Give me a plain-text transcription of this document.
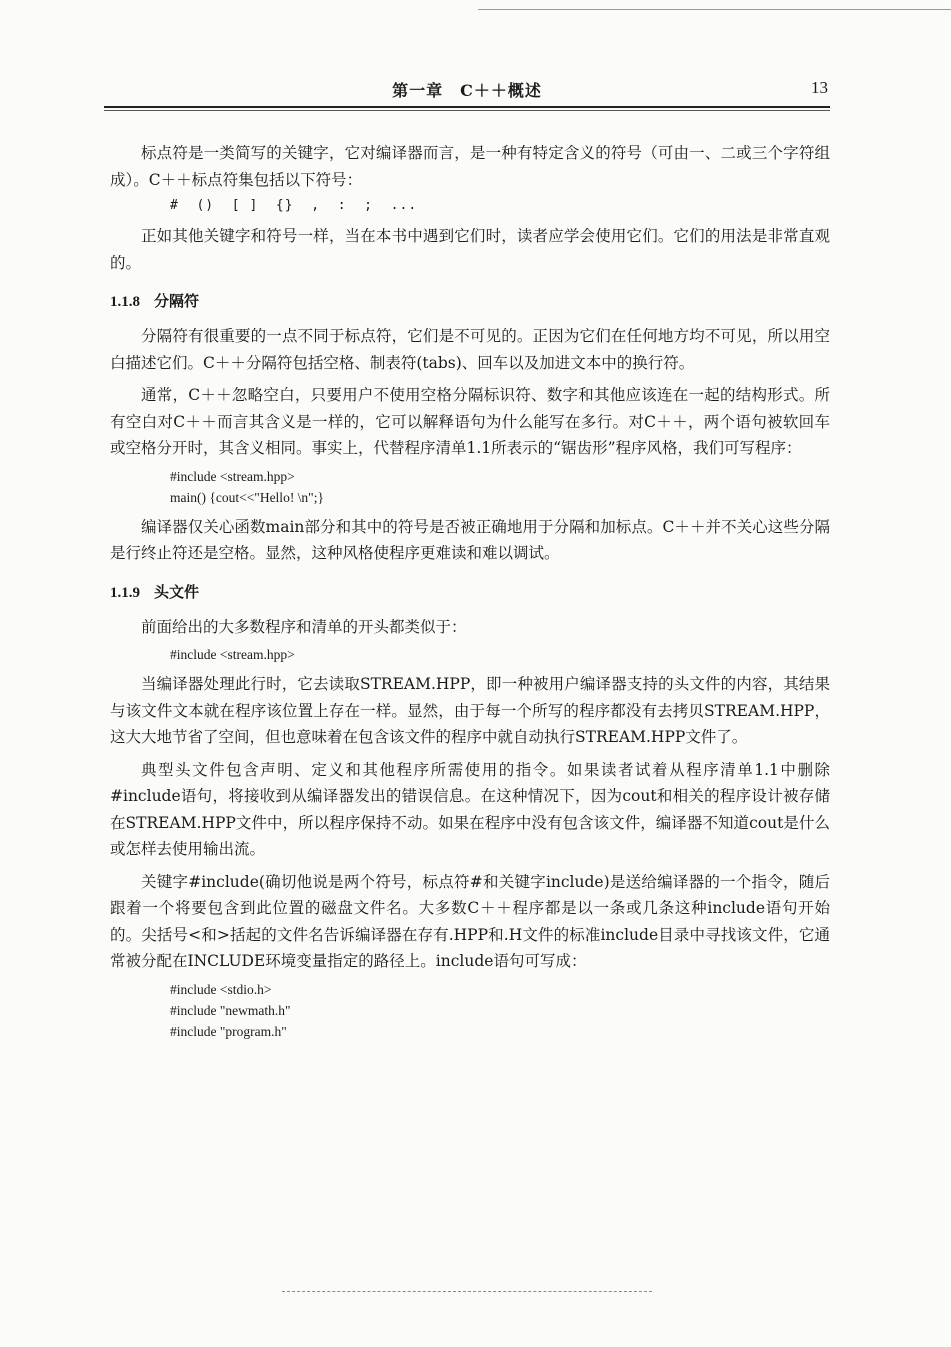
第一章　C＋＋概述	13

标点符是一类简写的关键字，它对编译器而言，是一种有特定含义的符号（可由一、二或三个字符组成）。C＋＋标点符集包括以下符号：

#  ()  [ ]  {}  ,  :  ;  ...

正如其他关键字和符号一样，当在本书中遇到它们时，读者应学会使用它们。它们的用法是非常直观的。

1.1.8 分隔符

分隔符有很重要的一点不同于标点符，它们是不可见的。正因为它们在任何地方均不可见，所以用空白描述它们。C＋＋分隔符包括空格、制表符(tabs)、回车以及加进文本中的换行符。

通常，C＋＋忽略空白，只要用户不使用空格分隔标识符、数字和其他应该连在一起的结构形式。所有空白对C＋＋而言其含义是一样的，它可以解释语句为什么能写在多行。对C＋＋，两个语句被软回车或空格分开时，其含义相同。事实上，代替程序清单1.1所表示的“锯齿形”程序风格，我们可写程序：

#include <stream.hpp>
main() {cout<<"Hello! \n";}

编译器仅关心函数main部分和其中的符号是否被正确地用于分隔和加标点。C＋＋并不关心这些分隔是行终止符还是空格。显然，这种风格使程序更难读和难以调试。

1.1.9 头文件

前面给出的大多数程序和清单的开头都类似于：

#include <stream.hpp>

当编译器处理此行时，它去读取STREAM.HPP，即一种被用户编译器支持的头文件的内容，其结果与该文件文本就在程序该位置上存在一样。显然，由于每一个所写的程序都没有去拷贝STREAM.HPP，这大大地节省了空间，但也意味着在包含该文件的程序中就自动执行STREAM.HPP文件了。

典型头文件包含声明、定义和其他程序所需使用的指令。如果读者试着从程序清单1.1中删除#include语句，将接收到从编译器发出的错误信息。在这种情况下，因为cout和相关的程序设计被存储在STREAM.HPP文件中，所以程序保持不动。如果在程序中没有包含该文件，编译器不知道cout是什么或怎样去使用输出流。

关键字#include(确切他说是两个符号，标点符#和关键字include)是送给编译器的一个指令，随后跟着一个将要包含到此位置的磁盘文件名。大多数C＋＋程序都是以一条或几条这种include语句开始的。尖括号<和>括起的文件名告诉编译器在存有.HPP和.H文件的标准include目录中寻找该文件，它通常被分配在INCLUDE环境变量指定的路径上。include语句可写成：

#include <stdio.h>
#include "newmath.h"
#include "program.h"
